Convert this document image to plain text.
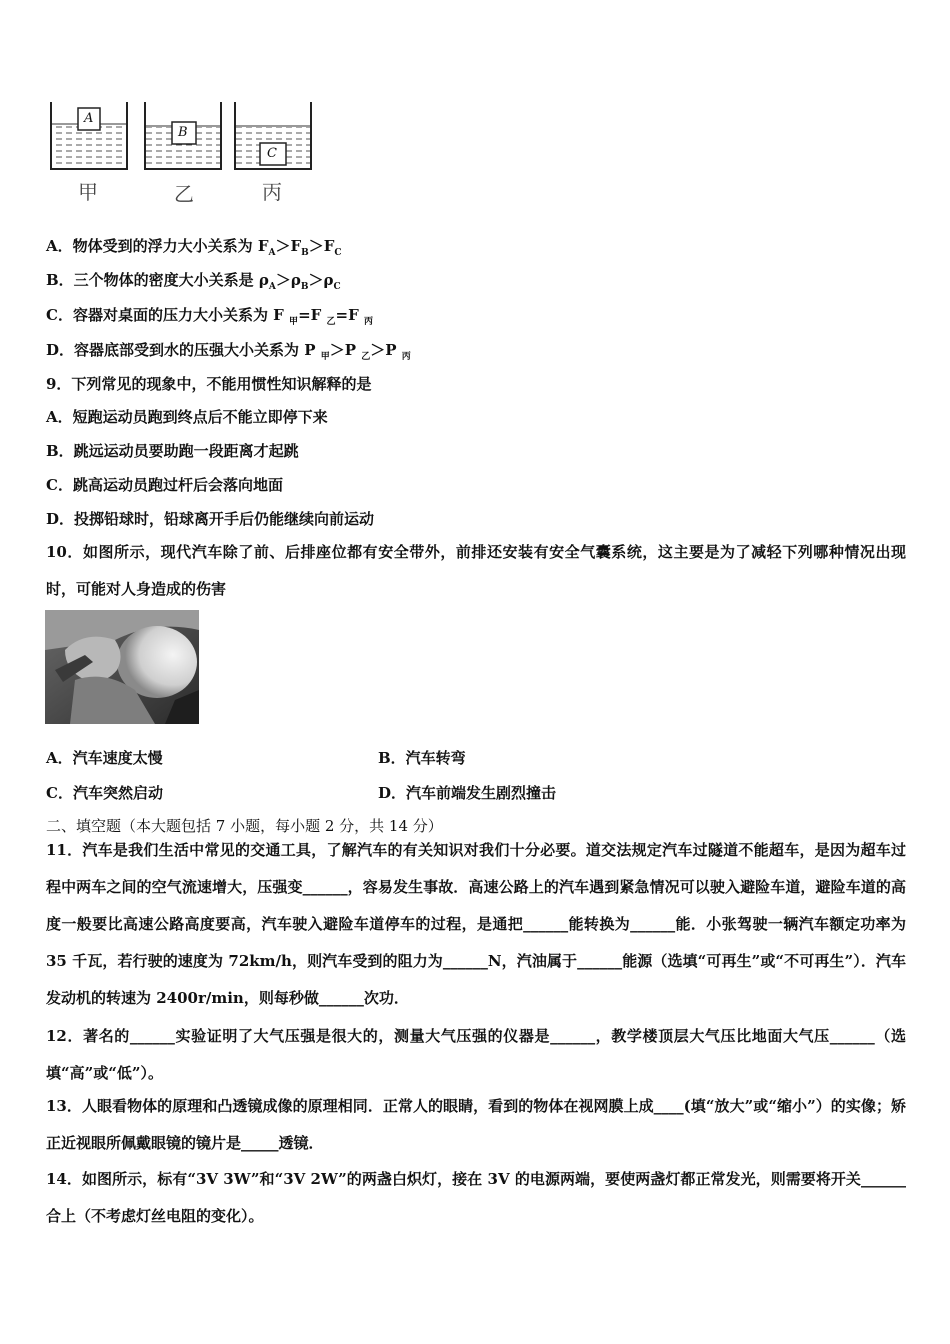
A
B
C
甲	乙	丙
A．物体受到的浮力大小关系为 $F_A>F_B>F_C$
B．三个物体的密度大小关系是 $\rho_A>\rho_B>\rho_C$
C．容器对桌面的压力大小关系为 F $_甲$=F $_乙$=F $_丙$
D．容器底部受到水的压强大小关系为 P $_甲$＞P $_乙$＞P $_丙$
9．下列常见的现象中，不能用惯性知识解释的是
A．短跑运动员跑到终点后不能立即停下来
B．跳远运动员要助跑一段距离才起跳
C．跳高运动员跑过杆后会落向地面
D．投掷铅球时，铅球离开手后仍能继续向前运动
10．如图所示，现代汽车除了前、后排座位都有安全带外，前排还安装有安全气囊系统，这主要是为了减轻下列哪种情况出现时，可能对人身造成的伤害
A．汽车速度太慢	B．汽车转弯
C．汽车突然启动	D．汽车前端发生剧烈撞击
二、填空题（本大题包括 7 小题，每小题 2 分，共 14 分）
11．汽车是我们生活中常见的交通工具，了解汽车的有关知识对我们十分必要。道交法规定汽车过隧道不能超车，是因为超车过程中两车之间的空气流速增大，压强变______，容易发生事故．高速公路上的汽车遇到紧急情况可以驶入避险车道，避险车道的高度一般要比高速公路高度要高，汽车驶入避险车道停车的过程，是通把______能转换为______能．小张驾驶一辆汽车额定功率为 35 千瓦，若行驶的速度为 72km/h，则汽车受到的阻力为______N，汽油属于______能源（选填“可再生”或“不可再生”）．汽车发动机的转速为 2400r/min，则每秒做______次功．
12．著名的______实验证明了大气压强是很大的，测量大气压强的仪器是______，教学楼顶层大气压比地面大气压______（选填“高”或“低”）。
13．人眼看物体的原理和凸透镜成像的原理相同．正常人的眼睛，看到的物体在视网膜上成____(填“放大”或“缩小”）的实像；矫正近视眼所佩戴眼镜的镜片是_____透镜．
14．如图所示，标有“3V 3W”和“3V 2W”的两盏白炽灯，接在 3V 的电源两端，要使两盏灯都正常发光，则需要将开关______合上（不考虑灯丝电阻的变化）。
